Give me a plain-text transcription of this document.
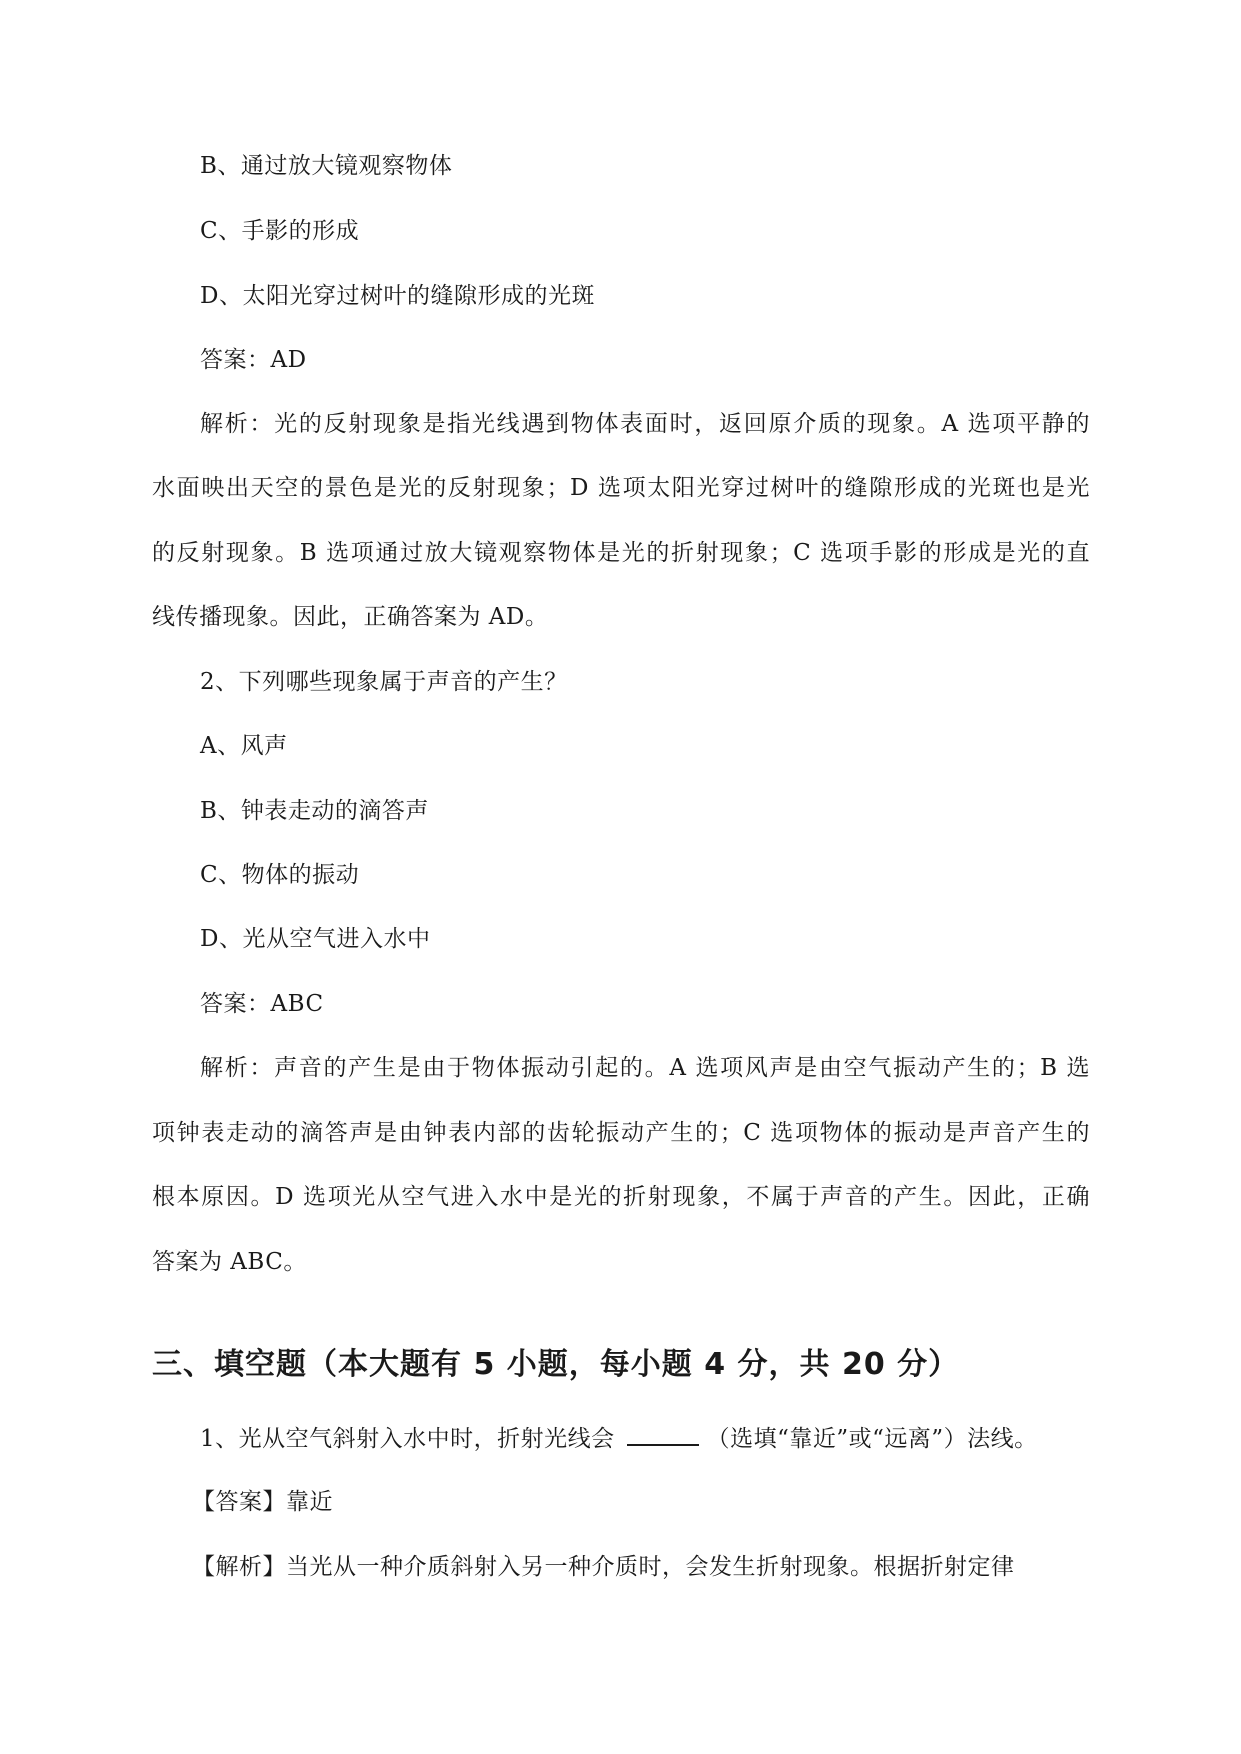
B、通过放大镜观察物体
C、手影的形成
D、太阳光穿过树叶的缝隙形成的光斑
答案：AD
解析：光的反射现象是指光线遇到物体表面时，返回原介质的现象。A 选项平静的
水面映出天空的景色是光的反射现象；D 选项太阳光穿过树叶的缝隙形成的光斑也是光
的反射现象。B 选项通过放大镜观察物体是光的折射现象；C 选项手影的形成是光的直
线传播现象。因此，正确答案为 AD。
2、下列哪些现象属于声音的产生？
A、风声
B、钟表走动的滴答声
C、物体的振动
D、光从空气进入水中
答案：ABC
解析：声音的产生是由于物体振动引起的。A 选项风声是由空气振动产生的；B 选
项钟表走动的滴答声是由钟表内部的齿轮振动产生的；C 选项物体的振动是声音产生的
根本原因。D 选项光从空气进入水中是光的折射现象，不属于声音的产生。因此，正确
答案为 ABC。
三、填空题（本大题有 5 小题，每小题 4 分，共 20 分）
1、光从空气斜射入水中时，折射光线会	（选填“靠近”或“远离”）法线。
【答案】靠近
【解析】当光从一种介质斜射入另一种介质时，会发生折射现象。根据折射定律
